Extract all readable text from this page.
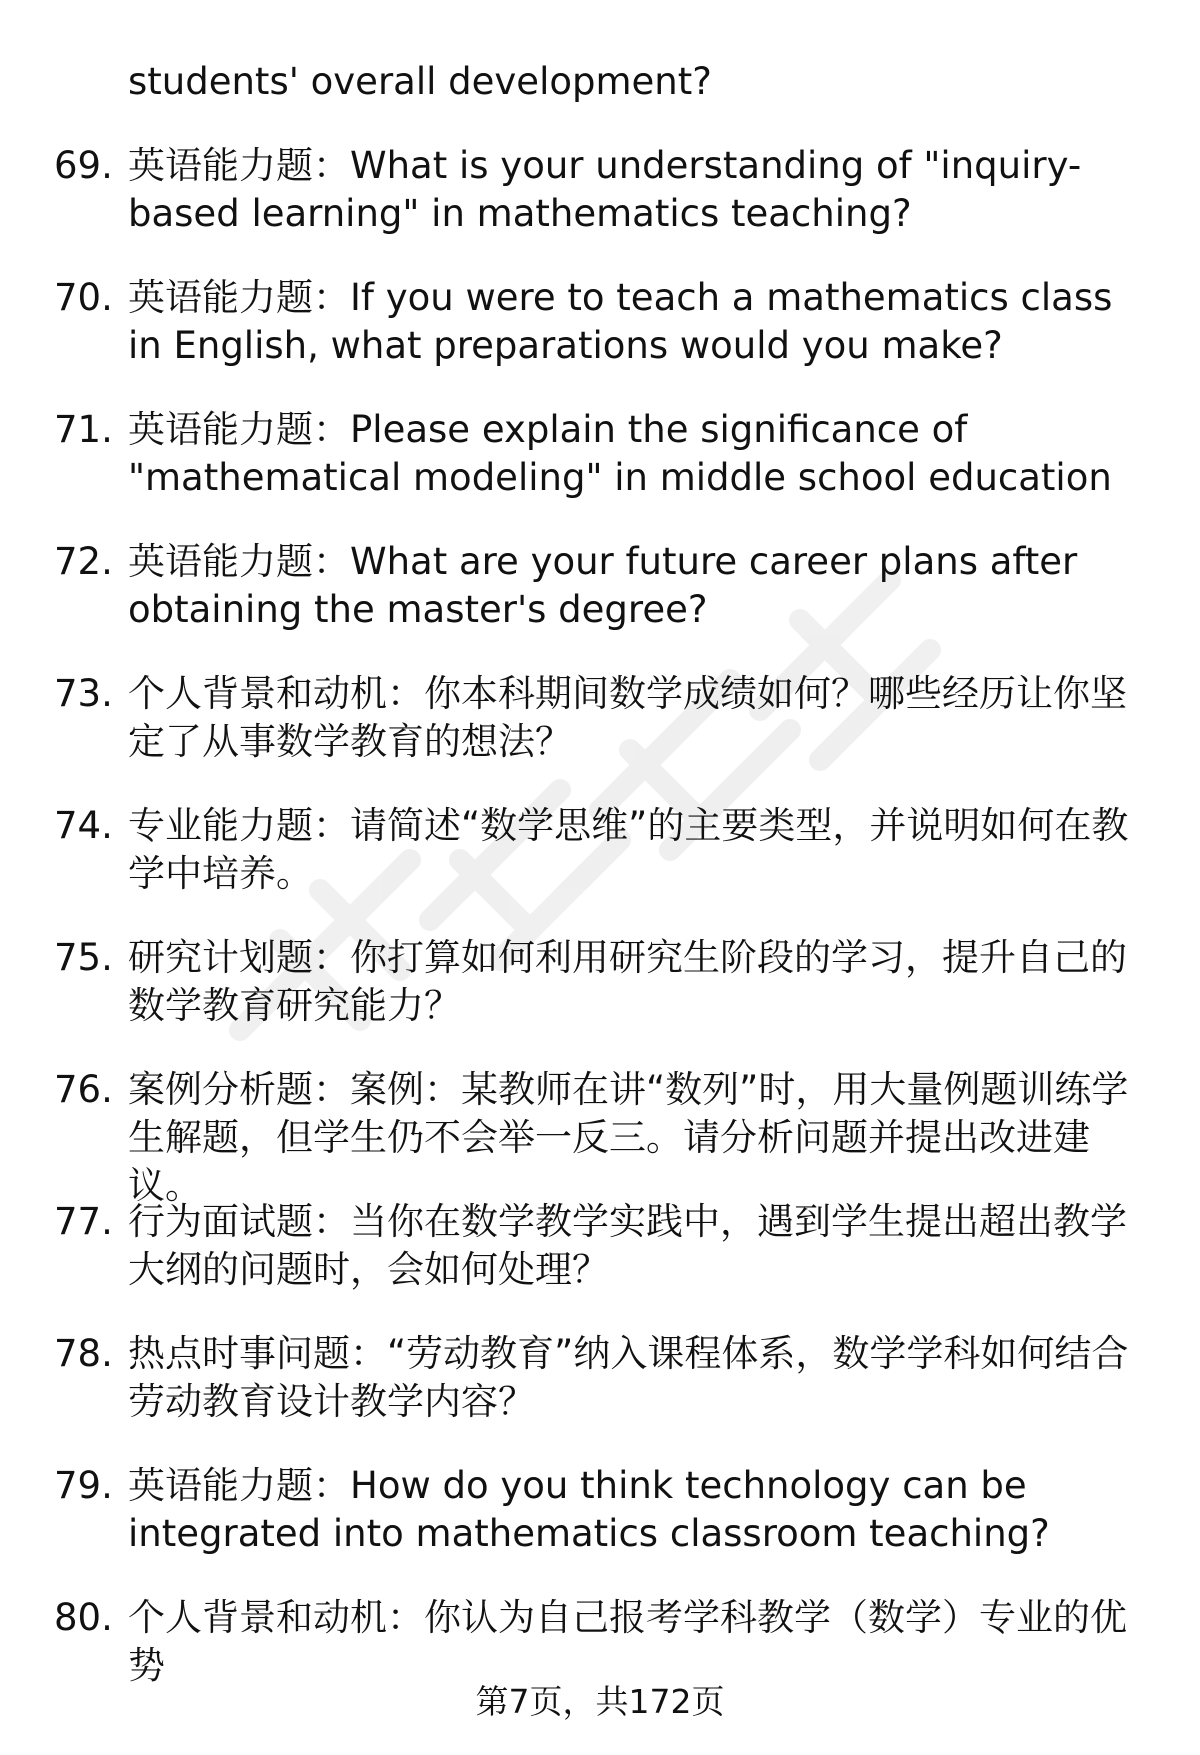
students' overall development?
69. 英语能力题：What is your understanding of "inquiry-based learning" in mathematics teaching?
70. 英语能力题：If you were to teach a mathematics class in English, what preparations would you make?
71. 英语能力题：Please explain the significance of "mathematical modeling" in middle school education
72. 英语能力题：What are your future career plans after obtaining the master's degree?
73. 个人背景和动机：你本科期间数学成绩如何？哪些经历让你坚定了从事数学教育的想法？
74. 专业能力题：请简述“数学思维”的主要类型，并说明如何在教学中培养。
75. 研究计划题：你打算如何利用研究生阶段的学习，提升自己的数学教育研究能力？
76. 案例分析题：案例：某教师在讲“数列”时，用大量例题训练学生解题，但学生仍不会举一反三。请分析问题并提出改进建议。
77. 行为面试题：当你在数学教学实践中，遇到学生提出超出教学大纲的问题时，会如何处理？
78. 热点时事问题：“劳动教育”纳入课程体系，数学学科如何结合劳动教育设计教学内容？
79. 英语能力题：How do you think technology can be integrated into mathematics classroom teaching?
80. 个人背景和动机：你认为自己报考学科教学（数学）专业的优势
第7页，共172页
